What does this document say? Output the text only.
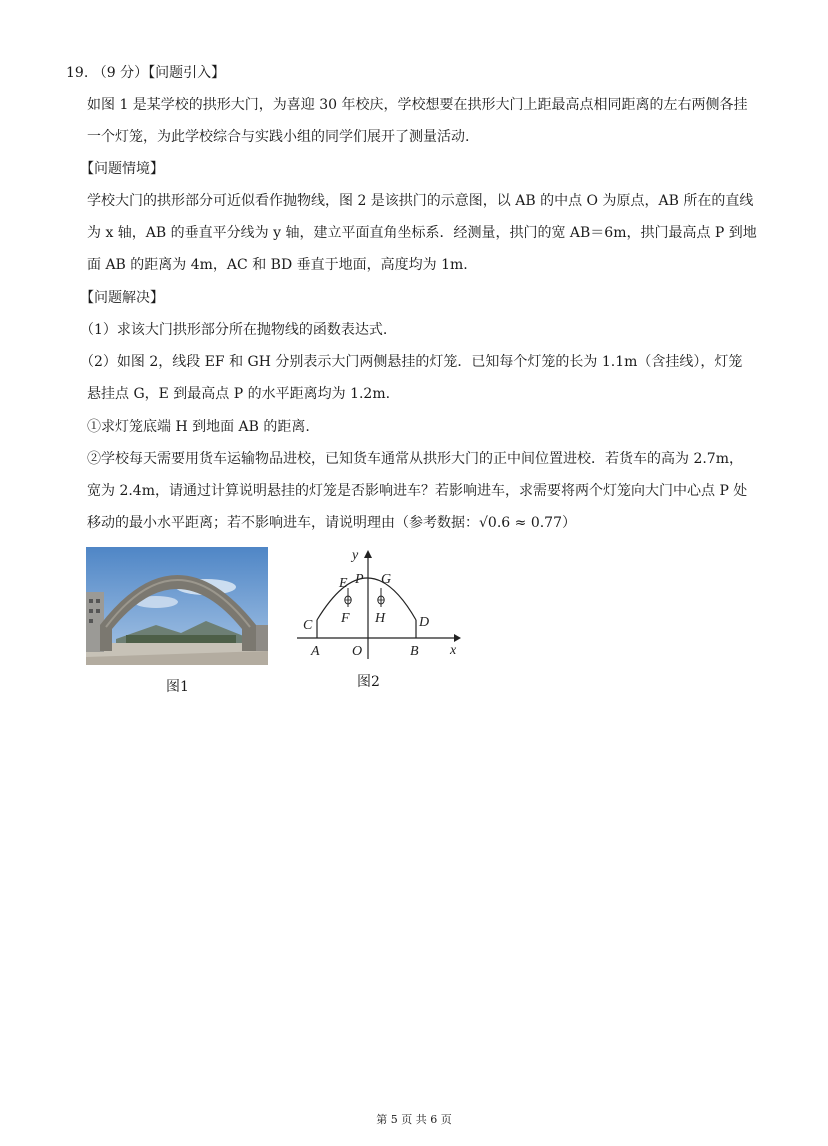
19. （9 分）【问题引入】
如图 1 是某学校的拱形大门，为喜迎 30 年校庆，学校想要在拱形大门上距最高点相同距离的左右两侧各挂
一个灯笼，为此学校综合与实践小组的同学们展开了测量活动.
【问题情境】
学校大门的拱形部分可近似看作抛物线，图 2 是该拱门的示意图，以 AB 的中点 O 为原点，AB 所在的直线
为 x 轴，AB 的垂直平分线为 y 轴，建立平面直角坐标系．经测量，拱门的宽 AB＝6m，拱门最高点 P 到地
面 AB 的距离为 4m，AC 和 BD 垂直于地面，高度均为 1m.
【问题解决】
（1）求该大门拱形部分所在抛物线的函数表达式.
（2）如图 2，线段 EF 和 GH 分别表示大门两侧悬挂的灯笼．已知每个灯笼的长为 1.1m（含挂线），灯笼
悬挂点 G，E 到最高点 P 的水平距离均为 1.2m.
①求灯笼底端 H 到地面 AB 的距离.
②学校每天需要用货车运输物品进校，已知货车通常从拱形大门的正中间位置进校．若货车的高为 2.7m，
宽为 2.4m，请通过计算说明悬挂的灯笼是否影响进车？若影响进车，求需要将两个灯笼向大门中心点 P 处
移动的最小水平距离；若不影响进车，请说明理由（参考数据：√0.6 ≈ 0.77）
图1
y
x
P
E G
F H
C	D
A O	B
图2
第 5 页 共 6 页
